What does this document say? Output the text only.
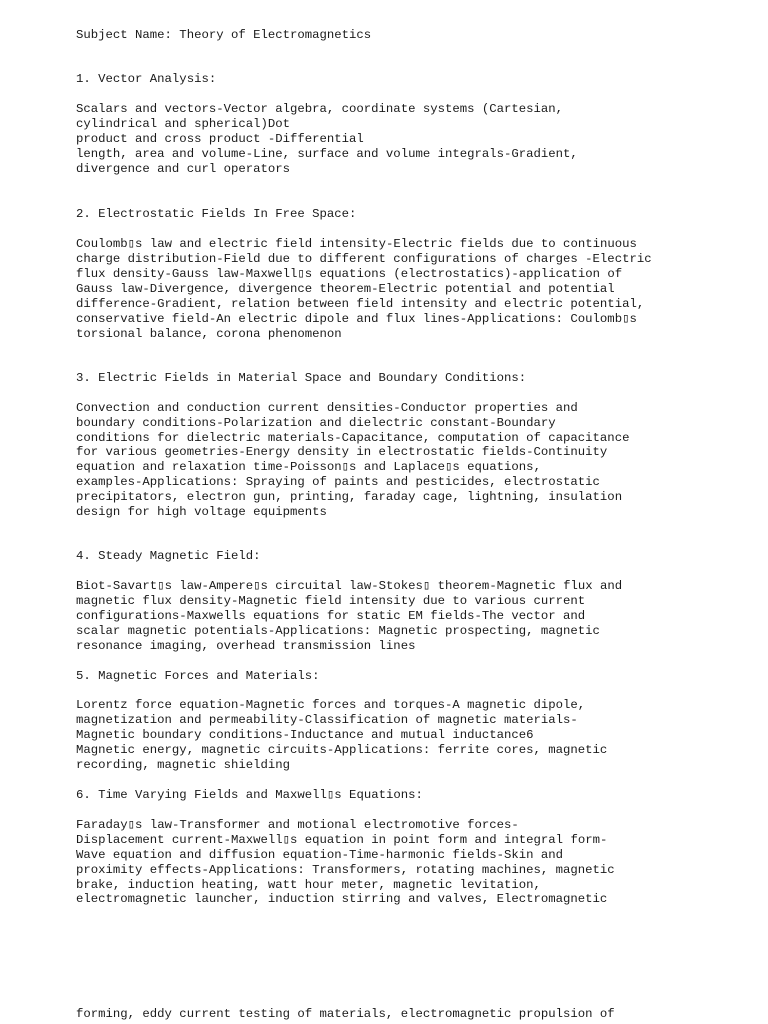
Subject Name: Theory of Electromagnetics

1. Vector Analysis:

Scalars and vectors-Vector algebra, coordinate systems (Cartesian,

cylindrical and spherical)Dot

product and cross product -Differential

length, area and volume-Line, surface and volume integrals-Gradient,

divergence and curl operators

2. Electrostatic Fields In Free Space:

Coulomb▯s law and electric field intensity-Electric fields due to continuous

charge distribution-Field due to different configurations of charges -Electric

flux density-Gauss law-Maxwell▯s equations (electrostatics)-application of

Gauss law-Divergence, divergence theorem-Electric potential and potential

difference-Gradient, relation between field intensity and electric potential,

conservative field-An electric dipole and flux lines-Applications: Coulomb▯s

torsional balance, corona phenomenon

3. Electric Fields in Material Space and Boundary Conditions:

Convection and conduction current densities-Conductor properties and

boundary conditions-Polarization and dielectric constant-Boundary

conditions for dielectric materials-Capacitance, computation of capacitance

for various geometries-Energy density in electrostatic fields-Continuity

equation and relaxation time-Poisson▯s and Laplace▯s equations,

examples-Applications: Spraying of paints and pesticides, electrostatic

precipitators, electron gun, printing, faraday cage, lightning, insulation

design for high voltage equipments

4. Steady Magnetic Field:

Biot-Savart▯s law-Ampere▯s circuital law-Stokes▯ theorem-Magnetic flux and

magnetic flux density-Magnetic field intensity due to various current

configurations-Maxwells equations for static EM fields-The vector and

scalar magnetic potentials-Applications: Magnetic prospecting, magnetic

resonance imaging, overhead transmission lines

5. Magnetic Forces and Materials:

Lorentz force equation-Magnetic forces and torques-A magnetic dipole,

magnetization and permeability-Classification of magnetic materials-

Magnetic boundary conditions-Inductance and mutual inductance6

Magnetic energy, magnetic circuits-Applications: ferrite cores, magnetic

recording, magnetic shielding

6. Time Varying Fields and Maxwell▯s Equations:

Faraday▯s law-Transformer and motional electromotive forces-

Displacement current-Maxwell▯s equation in point form and integral form-

Wave equation and diffusion equation-Time-harmonic fields-Skin and

proximity effects-Applications: Transformers, rotating machines, magnetic

brake, induction heating, watt hour meter, magnetic levitation,

electromagnetic launcher, induction stirring and valves, Electromagnetic

forming, eddy current testing of materials, electromagnetic propulsion of
